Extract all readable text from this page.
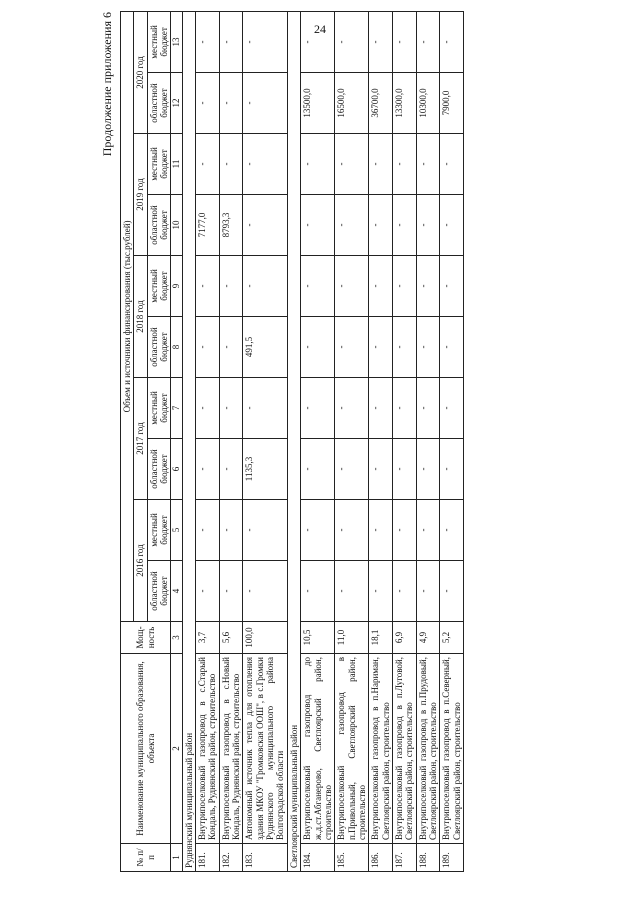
Продолжение приложения 6
№ п/п	Наименование муниципального образования, объекта	Мощ-ность	Объем и источники финансирования (тыс.рублей)									
			2016 год		2017 год		2018 год		2019 год		2020 год	
			областной бюджет	местный бюджет	областной бюджет	местный бюджет	областной бюджет	местный бюджет	областной бюджет	местный бюджет	областной бюджет	местный бюджет
1	2	3	4	5	6	7	8	9	10	11	12	13
Руднянский муниципальный район												
181.	Внутрипоселковый газопровод в с.Старый Кондаль, Руднянский район, строительство	3,7	-	-	-	-	-	-	7177,0	-	-	-
182.	Внутрипоселковый газопровод в с.Новый Кондаль, Руднянский район, строительство	5,6	-	-	-	-	-	-	8793,3	-	-	-
183.	Автономный источник тепла для отопления здания МКОУ "Громковская ООШ", в с.Громки Руднянского муниципального района Волгоградской области	100,0	-	-	1135,3	-	491,5	-	-	-	-	-
Светлоярский муниципальный район												
184.	Внутрипоселковый газопровод до ж.д.ст.Абганерово, Светлоярский район, строительство	10,5	-	-	-	-	-	-	-	-	13500,0	-
185.	Внутрипоселковый газопровод в п.Привольный, Светлоярский район, строительство	11,0	-	-	-	-	-	-	-	-	16500,0	-
186.	Внутрипоселковый газопровод в п.Нариман, Светлоярский район, строительство	18,1	-	-	-	-	-	-	-	-	36700,0	-
187.	Внутрипоселковый газопровод в п.Луговой, Светлоярский район, строительство	6,9	-	-	-	-	-	-	-	-	13300,0	-
188.	Внутрипоселковый газопровод в п.Прудовый, Светлоярский район, строительство	4,9	-	-	-	-	-	-	-	-	10300,0	-
189.	Внутрипоселковый газопровод в п.Северный, Светлоярский район, строительство	5,2	-	-	-	-	-	-	-	-	7900,0	-
24
